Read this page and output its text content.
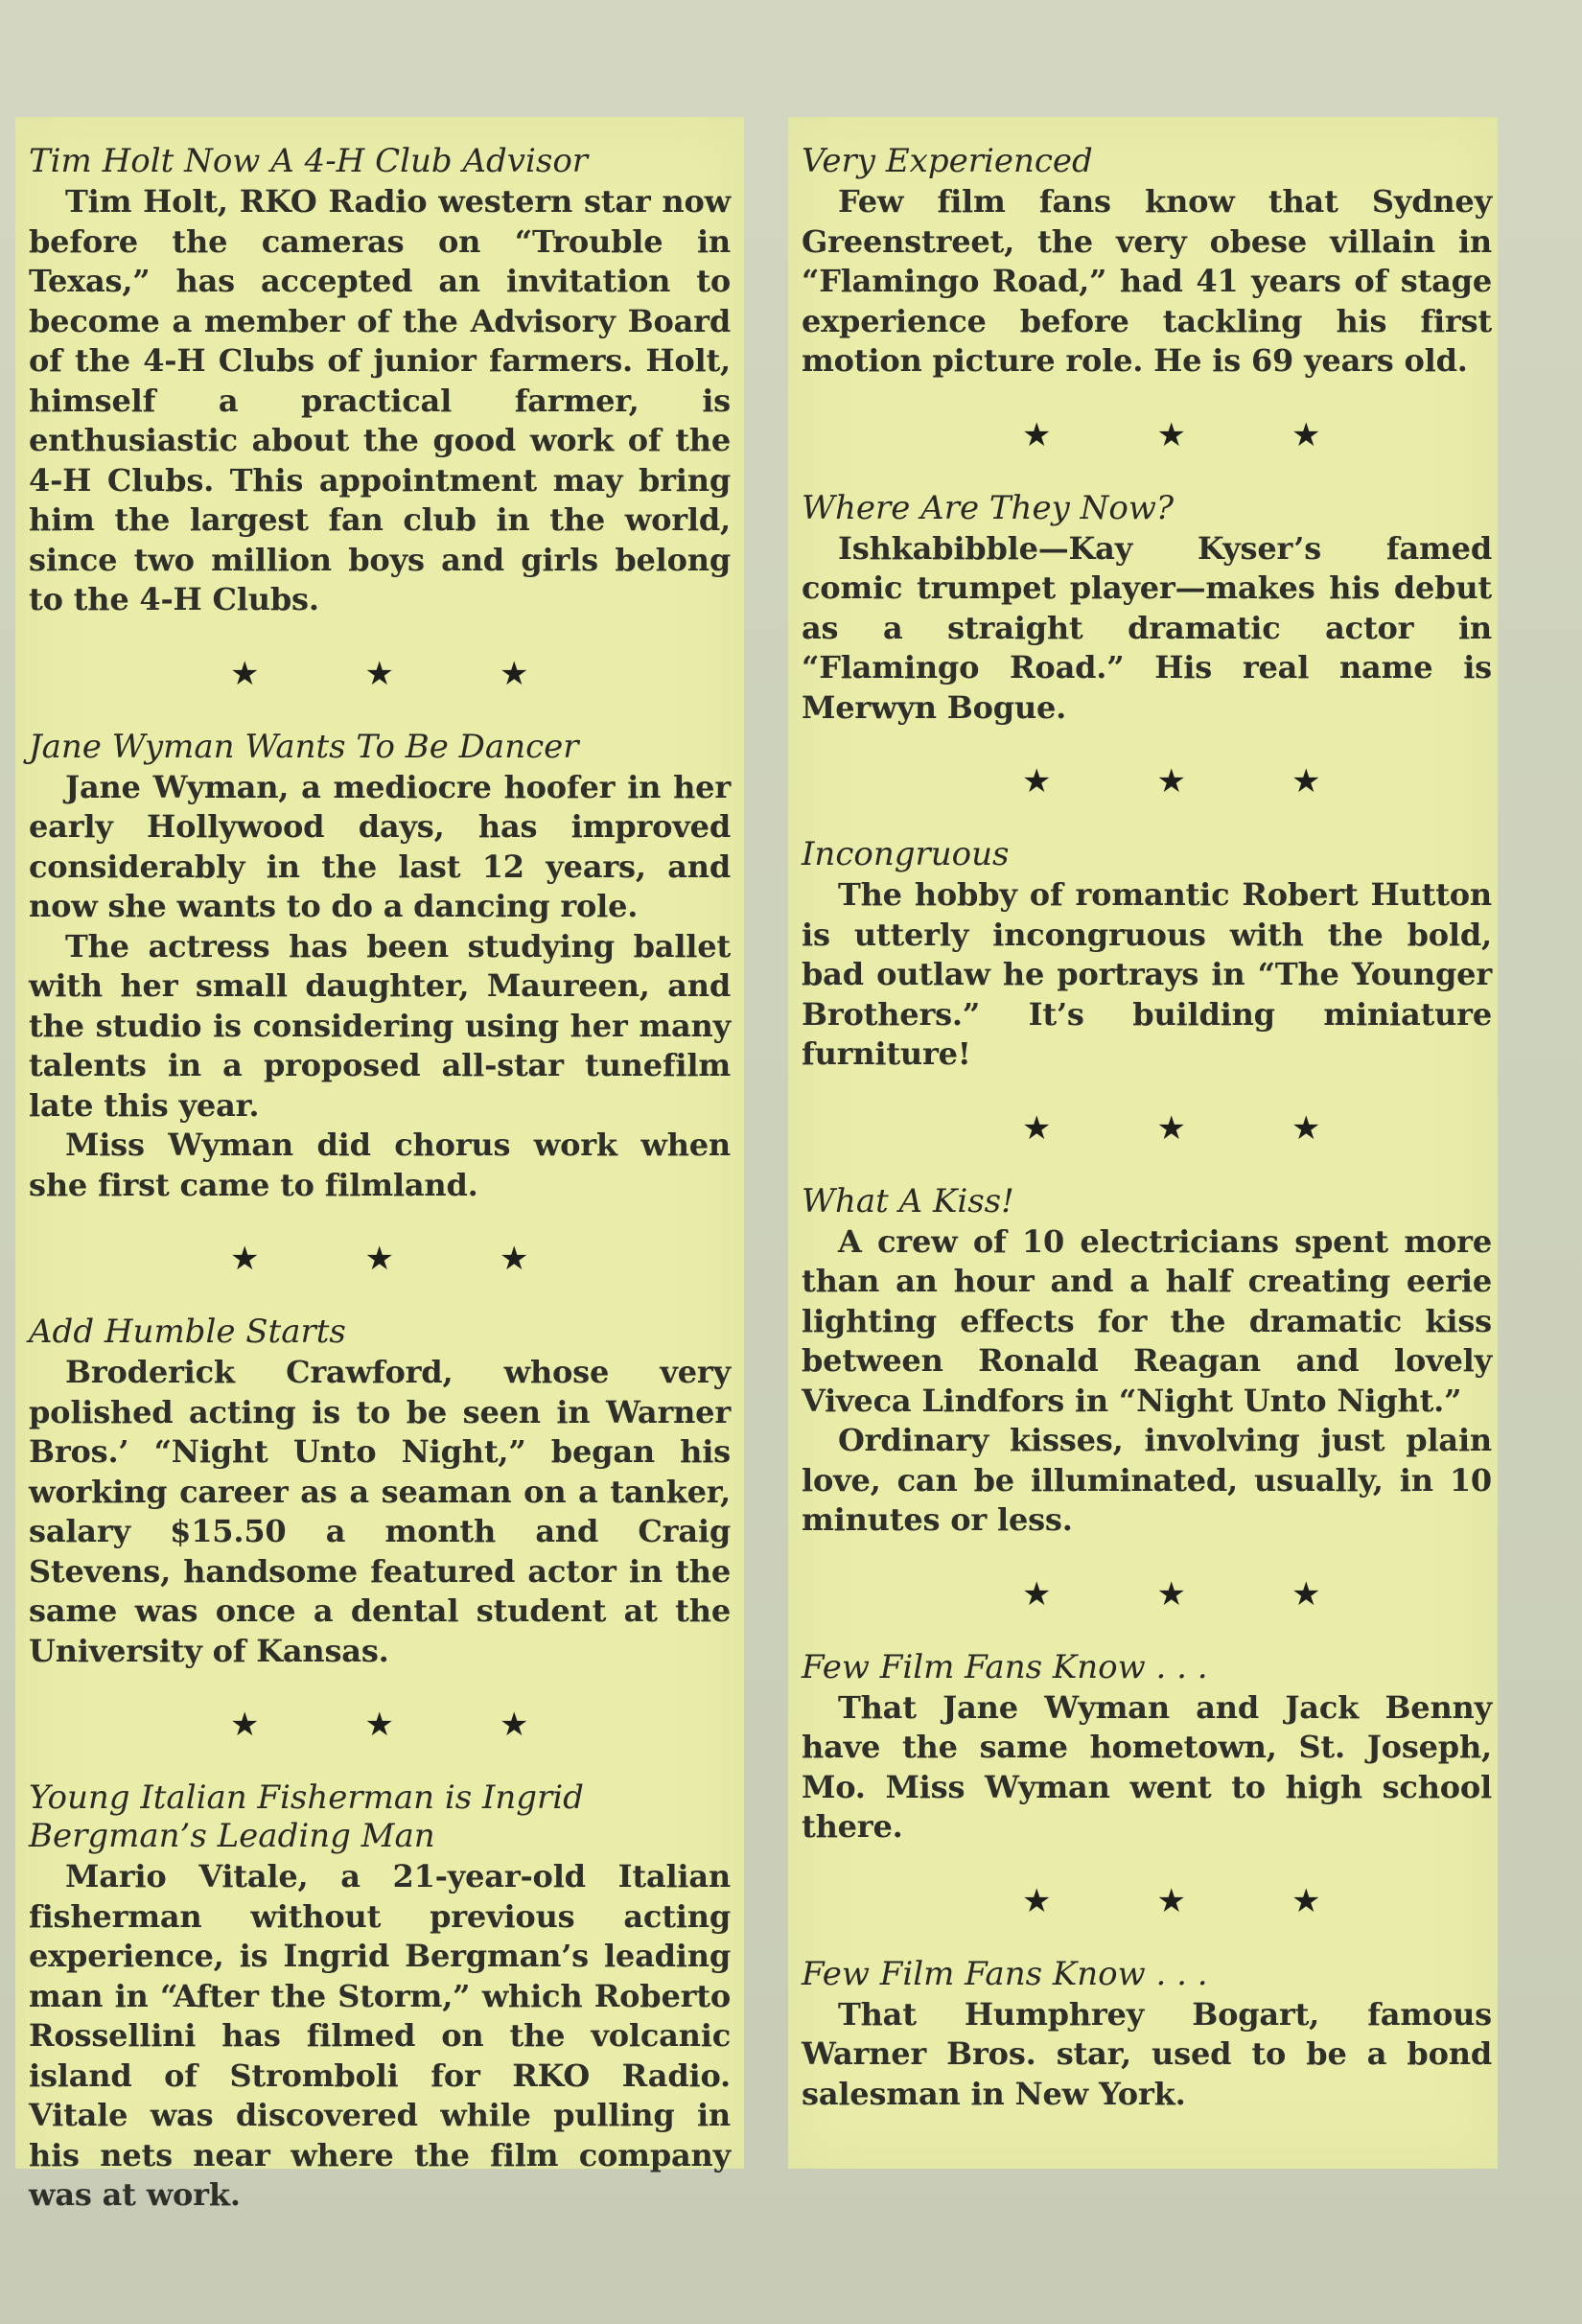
Tim Holt Now A 4-H Club Advisor

Tim Holt, RKO Radio western star now before the cameras on “Trouble in Texas,” has accepted an invitation to become a member of the Advisory Board of the 4-H Clubs of junior farmers. Holt, himself a practical farmer, is enthusiastic about the good work of the 4-H Clubs. This appointment may bring him the largest fan club in the world, since two million boys and girls belong to the 4-H Clubs.

★	★	★
Jane Wyman Wants To Be Dancer

Jane Wyman, a mediocre hoofer in her early Hollywood days, has improved considerably in the last 12 years, and now she wants to do a dancing role.

The actress has been studying ballet with her small daughter, Maureen, and the studio is considering using her many talents in a proposed all-star tunefilm late this year.

Miss Wyman did chorus work when she first came to filmland.

★	★	★
Add Humble Starts

Broderick Crawford, whose very polished acting is to be seen in Warner Bros.’ “Night Unto Night,” began his working career as a seaman on a tanker, salary $15.50 a month and Craig Stevens, handsome featured actor in the same was once a dental student at the University of Kansas.

★	★	★
Young Italian Fisherman is Ingrid Bergman’s Leading Man

Mario Vitale, a 21-year-old Italian fisherman without previous acting experience, is Ingrid Bergman’s leading man in “After the Storm,” which Roberto Rossellini has filmed on the volcanic island of Stromboli for RKO Radio. Vitale was discovered while pulling in his nets near where the film company was at work.

Very Experienced

Few film fans know that Sydney Greenstreet, the very obese villain in “Flamingo Road,” had 41 years of stage experience before tackling his first motion picture role. He is 69 years old.

★	★	★
Where Are They Now?

Ishkabibble—Kay Kyser’s famed comic trumpet player—makes his debut as a straight dramatic actor in “Flamingo Road.” His real name is Merwyn Bogue.

★	★	★
Incongruous

The hobby of romantic Robert Hutton is utterly incongruous with the bold, bad outlaw he portrays in “The Younger Brothers.” It’s building miniature furniture!

★	★	★
What A Kiss!

A crew of 10 electricians spent more than an hour and a half creating eerie lighting effects for the dramatic kiss between Ronald Reagan and lovely Viveca Lindfors in “Night Unto Night.”

Ordinary kisses, involving just plain love, can be illuminated, usually, in 10 minutes or less.

★	★	★
Few Film Fans Know . . .

That Jane Wyman and Jack Benny have the same hometown, St. Joseph, Mo. Miss Wyman went to high school there.

★	★	★
Few Film Fans Know . . .

That Humphrey Bogart, famous Warner Bros. star, used to be a bond salesman in New York.
